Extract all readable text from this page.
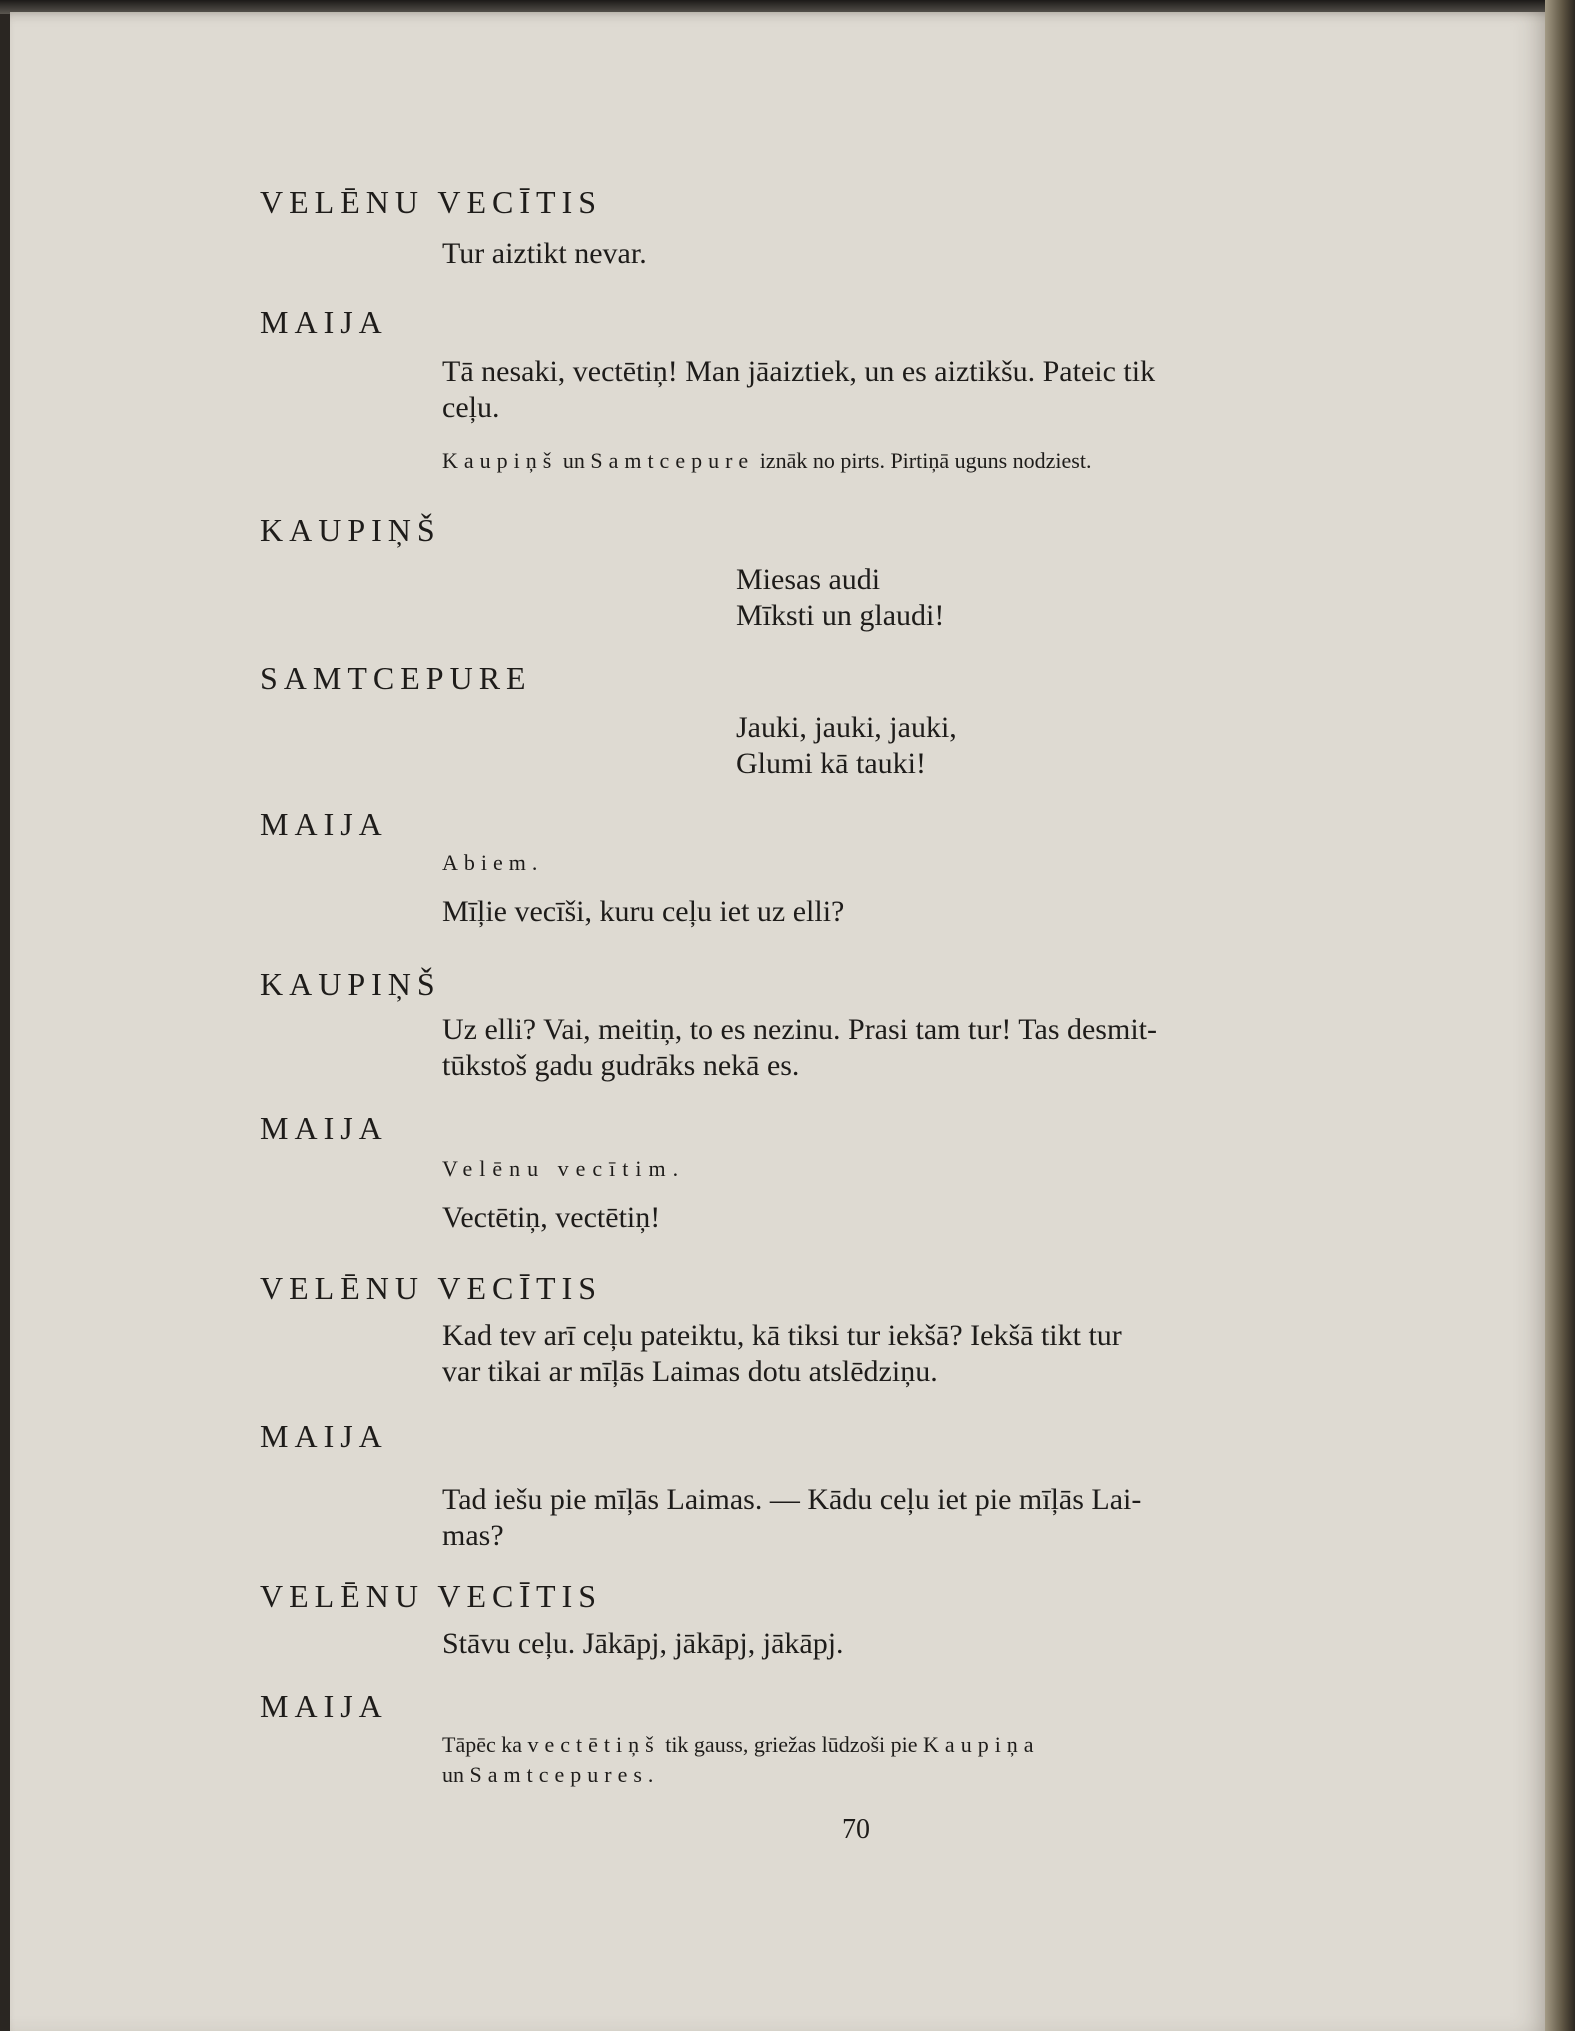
VELĒNU VECĪTIS
Tur aiztikt nevar.
MAIJA
Tā nesaki, vectētiņ! Man jāaiztiek, un es aiztikšu. Pateic tik
ceļu.
Kaupiņš un Samtcepure iznāk no pirts. Pirtiņā uguns nodziest.
KAUPIŅŠ
Miesas audi
Mīksti un glaudi!
SAMTCEPURE
Jauki, jauki, jauki,
Glumi kā tauki!
MAIJA
Abiem.
Mīļie vecīši, kuru ceļu iet uz elli?
KAUPIŅŠ
Uz elli? Vai, meitiņ, to es nezinu. Prasi tam tur! Tas desmit-
tūkstoš gadu gudrāks nekā es.
MAIJA
Velēnu vecītim.
Vectētiņ, vectētiņ!
VELĒNU VECĪTIS
Kad tev arī ceļu pateiktu, kā tiksi tur iekšā? Iekšā tikt tur
var tikai ar mīļās Laimas dotu atslēdziņu.
MAIJA
Tad iešu pie mīļās Laimas. — Kādu ceļu iet pie mīļās Lai-
mas?
VELĒNU VECĪTIS
Stāvu ceļu. Jākāpj, jākāpj, jākāpj.
MAIJA
Tāpēc ka vectētiņš tik gauss, griežas lūdzoši pie Kaupiņa
un Samtcepures.
70
